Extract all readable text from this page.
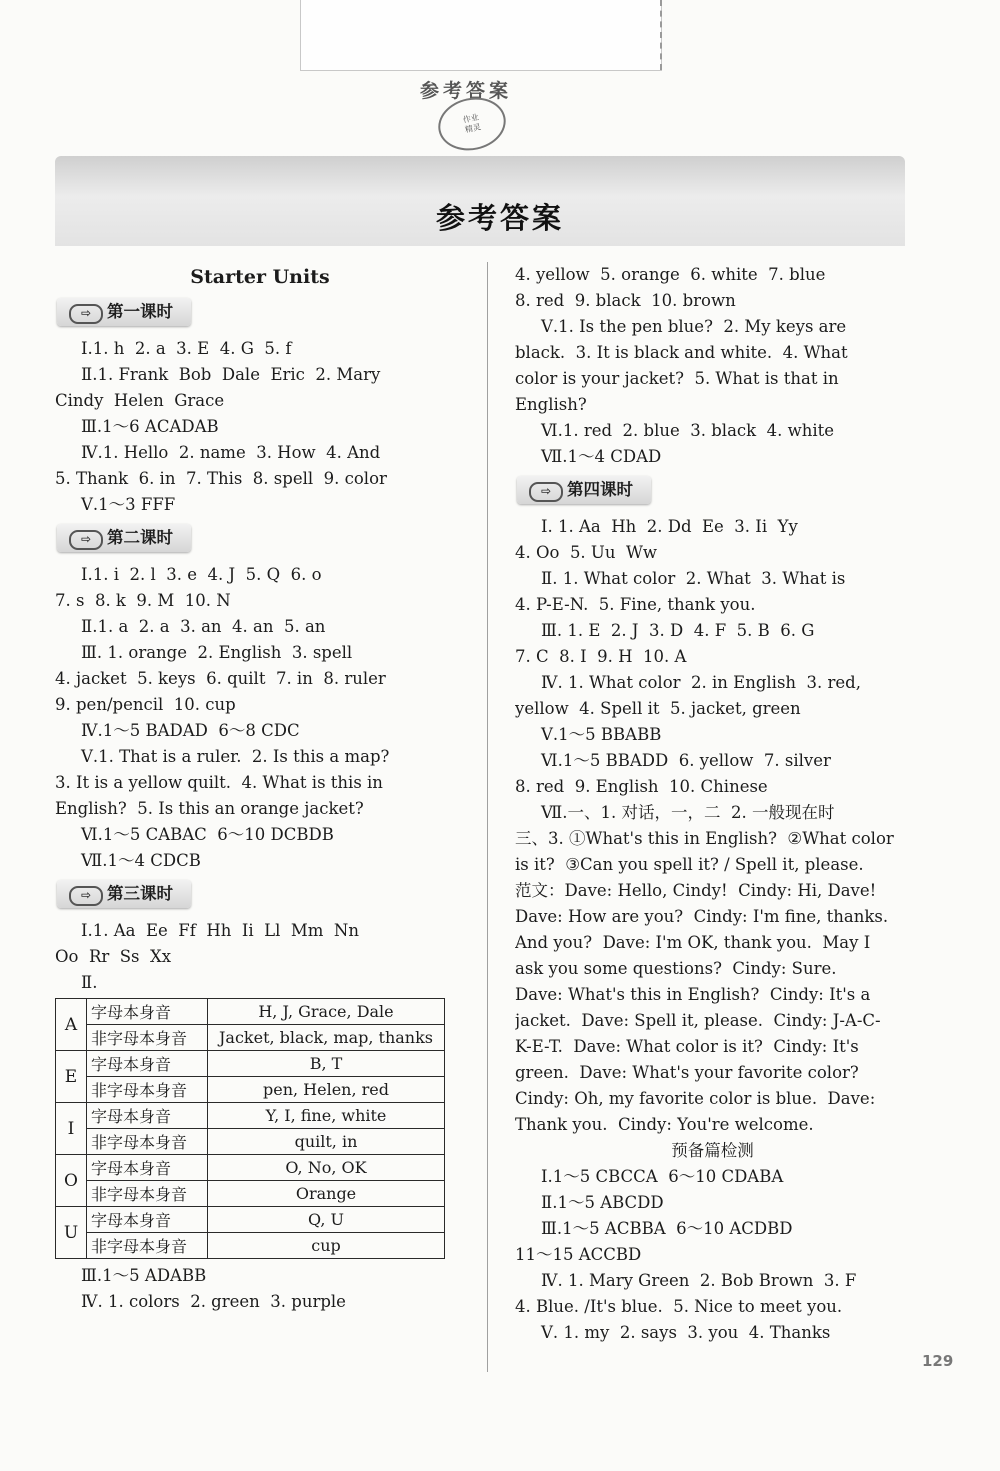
参考答案
作业
精灵
参考答案
Starter Units
⇨ 第一课时
Ⅰ.1. h  2. a  3. E  4. G  5. f
Ⅱ.1. Frank  Bob  Dale  Eric  2. Mary
Cindy  Helen  Grace
Ⅲ.1～6 ACADAB
Ⅳ.1. Hello  2. name  3. How  4. And
5. Thank  6. in  7. This  8. spell  9. color
Ⅴ.1～3 FFF
⇨ 第二课时
Ⅰ.1. i  2. l  3. e  4. J  5. Q  6. o
7. s  8. k  9. M  10. N
Ⅱ.1. a  2. a  3. an  4. an  5. an
Ⅲ. 1. orange  2. English  3. spell
4. jacket  5. keys  6. quilt  7. in  8. ruler
9. pen/pencil  10. cup
Ⅳ.1～5 BADAD  6～8 CDC
Ⅴ.1. That is a ruler.  2. Is this a map?
3. It is a yellow quilt.  4. What is this in
English?  5. Is this an orange jacket?
Ⅵ.1～5 CABAC  6～10 DCBDB
Ⅶ.1～4 CDCB
⇨ 第三课时
Ⅰ.1. Aa  Ee  Ff  Hh  Ii  Ll  Mm  Nn
Oo  Rr  Ss  Xx
Ⅱ.
A	字母本身音	H, J, Grace, Dale
	非字母本身音	Jacket, black, map, thanks
E	字母本身音	B, T
	非字母本身音	pen, Helen, red
I	字母本身音	Y, I, fine, white
	非字母本身音	quilt, in
O	字母本身音	O, No, OK
	非字母本身音	Orange
U	字母本身音	Q, U
	非字母本身音	cup
Ⅲ.1～5 ADABB
Ⅳ. 1. colors  2. green  3. purple
4. yellow  5. orange  6. white  7. blue
8. red  9. black  10. brown
Ⅴ.1. Is the pen blue?  2. My keys are
black.  3. It is black and white.  4. What
color is your jacket?  5. What is that in
English?
Ⅵ.1. red  2. blue  3. black  4. white
Ⅶ.1～4 CDAD
⇨ 第四课时
Ⅰ. 1. Aa  Hh  2. Dd  Ee  3. Ii  Yy
4. Oo  5. Uu  Ww
Ⅱ. 1. What color  2. What  3. What is
4. P-E-N.  5. Fine, thank you.
Ⅲ. 1. E  2. J  3. D  4. F  5. B  6. G
7. C  8. I  9. H  10. A
Ⅳ. 1. What color  2. in English  3. red,
yellow  4. Spell it  5. jacket, green
Ⅴ.1～5 BBABB
Ⅵ.1～5 BBADD  6. yellow  7. silver
8. red  9. English  10. Chinese
Ⅶ.一、1. 对话，一，二  2. 一般现在时
三、3. ①What's this in English?  ②What color
is it?  ③Can you spell it? / Spell it, please.
范文：Dave: Hello, Cindy!  Cindy: Hi, Dave!
Dave: How are you?  Cindy: I'm fine, thanks.
And you?  Dave: I'm OK, thank you.  May I
ask you some questions?  Cindy: Sure.
Dave: What's this in English?  Cindy: It's a
jacket.  Dave: Spell it, please.  Cindy: J-A-C-
K-E-T.  Dave: What color is it?  Cindy: It's
green.  Dave: What's your favorite color?
Cindy: Oh, my favorite color is blue.  Dave:
Thank you.  Cindy: You're welcome.
预备篇检测
Ⅰ.1～5 CBCCA  6～10 CDABA
Ⅱ.1～5 ABCDD
Ⅲ.1～5 ACBBA  6～10 ACDBD
11～15 ACCBD
Ⅳ. 1. Mary Green  2. Bob Brown  3. F
4. Blue. /It's blue.  5. Nice to meet you.
Ⅴ. 1. my  2. says  3. you  4. Thanks
129
